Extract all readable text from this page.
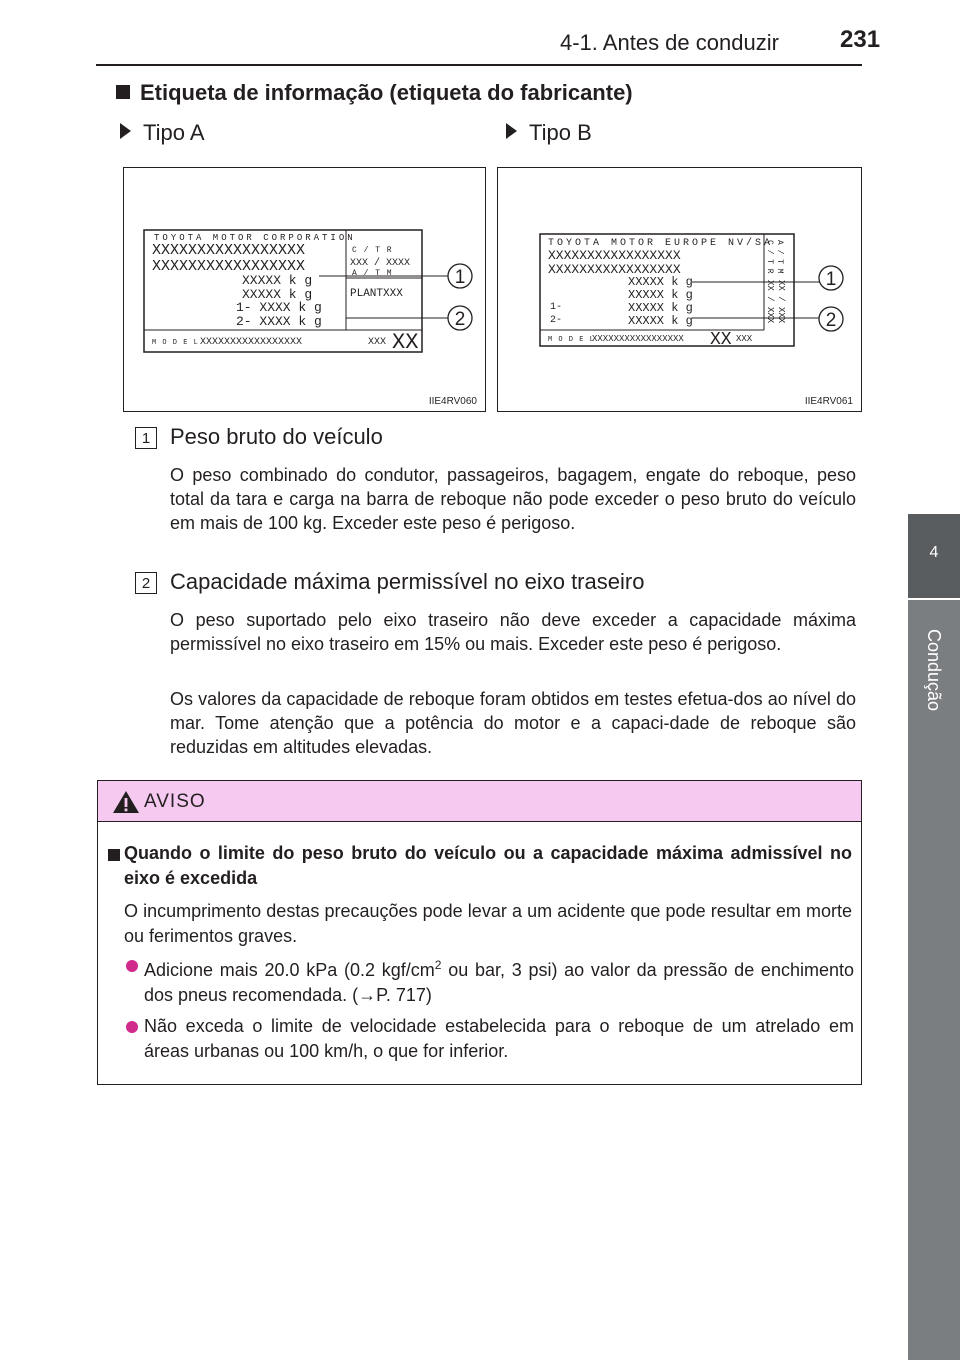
4-1. Antes de conduzir	231
4
Condução
Etiqueta de informação (etiqueta do fabricante)
Tipo A	Tipo B
TOYOTA MOTOR CORPORATION
XXXXXXXXXXXXXXXXX
XXXXXXXXXXXXXXXXX
C / T R
XXX / XXXX
A / T M
XXXXX k g
XXXXX k g
1- XXXX k g
2- XXXX k g
PLANTXXX
M O D E L XXXXXXXXXXXXXXXXX	XXX XX
1
2
IIE4RV060
TOYOTA MOTOR EUROPE NV/SA
XXXXXXXXXXXXXXXXX
XXXXXXXXXXXXXXXXX
XXXXX k g
XXXXX k g
XXXXX k g
XXXXX k g
1-
2-
M O D E L
XXXXXXXXXXXXXXXXX XX XXX
C / T R A / T M
XX / XXX XX / XXX
1
2
IIE4RV061
1 Peso bruto do veículo
O peso combinado do condutor, passageiros, bagagem, engate do reboque, peso total da tara e carga na barra de reboque não pode exceder o peso bruto do veículo em mais de 100 kg. Exceder este peso é perigoso.
2 Capacidade máxima permissível no eixo traseiro
O peso suportado pelo eixo traseiro não deve exceder a capacidade máxima permissível no eixo traseiro em 15% ou mais. Exceder este peso é perigoso.
Os valores da capacidade de reboque foram obtidos em testes efetua-dos ao nível do mar. Tome atenção que a potência do motor e a capaci-dade de reboque são reduzidas em altitudes elevadas.
AVISO
Quando o limite do peso bruto do veículo ou a capacidade máxima admissível no eixo é excedida
O incumprimento destas precauções pode levar a um acidente que pode resultar em morte ou ferimentos graves.
Adicione mais 20.0 kPa (0.2 kgf/$cm^2$ ou bar, 3 psi) ao valor da pressão de enchimento dos pneus recomendada. (→P. 717)
Não exceda o limite de velocidade estabelecida para o reboque de um atrelado em áreas urbanas ou 100 km/h, o que for inferior.
